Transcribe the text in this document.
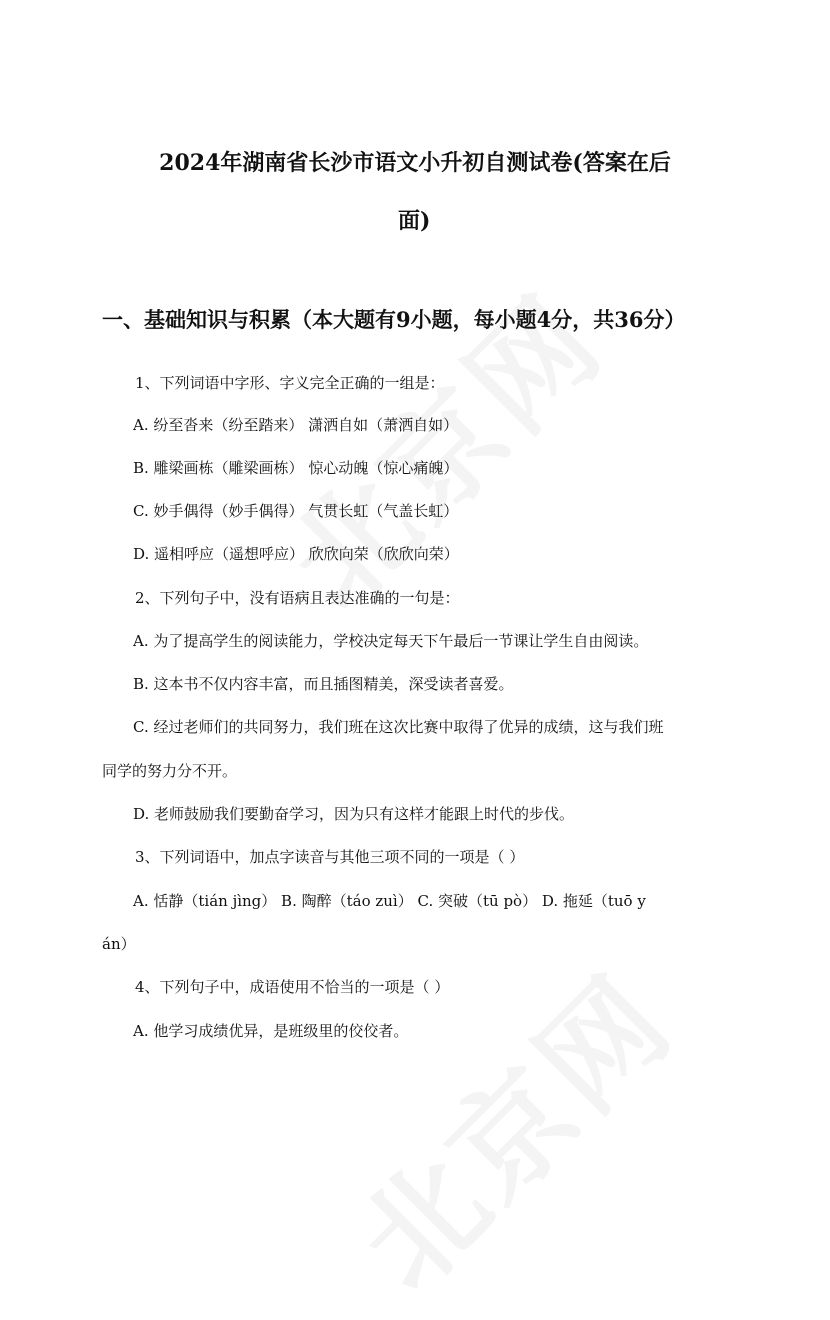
2024年湖南省长沙市语文小升初自测试卷(答案在后
面)
一、基础知识与积累（本大题有9小题，每小题4分，共36分）

1、下列词语中字形、字义完全正确的一组是：

A. 纷至沓来（纷至踏来） 潇洒自如（萧洒自如）

B. 雕梁画栋（雕梁画栋） 惊心动魄（惊心痛魄）

C. 妙手偶得（妙手偶得） 气贯长虹（气盖长虹）

D. 遥相呼应（遥想呼应） 欣欣向荣（欣欣向荣）

2、下列句子中，没有语病且表达准确的一句是：

A. 为了提高学生的阅读能力，学校决定每天下午最后一节课让学生自由阅读。

B. 这本书不仅内容丰富，而且插图精美，深受读者喜爱。

C. 经过老师们的共同努力，我们班在这次比赛中取得了优异的成绩，这与我们班

同学的努力分不开。

D. 老师鼓励我们要勤奋学习，因为只有这样才能跟上时代的步伐。

3、下列词语中，加点字读音与其他三项不同的一项是（ ）

A. 恬静（tián jìng） B. 陶醉（táo zuì） C. 突破（tū pò） D. 拖延（tuō y

án）

4、下列句子中，成语使用不恰当的一项是（ ）

A. 他学习成绩优异，是班级里的佼佼者。
